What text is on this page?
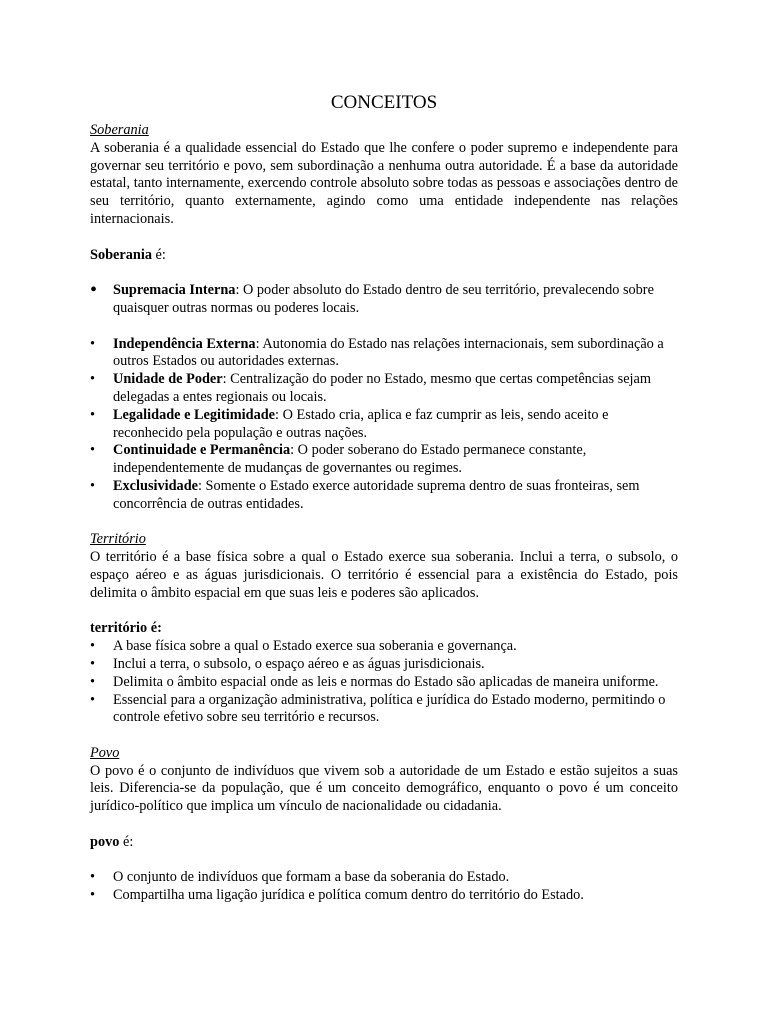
CONCEITOS
Soberania

A soberania é a qualidade essencial do Estado que lhe confere o poder supremo e independente para governar seu território e povo, sem subordinação a nenhuma outra autoridade. É a base da autoridade estatal, tanto internamente, exercendo controle absoluto sobre todas as pessoas e associações dentro de seu território, quanto externamente, agindo como uma entidade independente nas relações internacionais.

Soberania é:

• Supremacia Interna: O poder absoluto do Estado dentro de seu território, prevalecendo sobre quaisquer outras normas ou poderes locais.
• Independência Externa: Autonomia do Estado nas relações internacionais, sem subordinação a outros Estados ou autoridades externas.
• Unidade de Poder: Centralização do poder no Estado, mesmo que certas competências sejam delegadas a entes regionais ou locais.
• Legalidade e Legitimidade: O Estado cria, aplica e faz cumprir as leis, sendo aceito e reconhecido pela população e outras nações.
• Continuidade e Permanência: O poder soberano do Estado permanece constante, independentemente de mudanças de governantes ou regimes.
• Exclusividade: Somente o Estado exerce autoridade suprema dentro de suas fronteiras, sem concorrência de outras entidades.
Território

O território é a base física sobre a qual o Estado exerce sua soberania. Inclui a terra, o subsolo, o espaço aéreo e as águas jurisdicionais. O território é essencial para a existência do Estado, pois delimita o âmbito espacial em que suas leis e poderes são aplicados.

território é:

• A base física sobre a qual o Estado exerce sua soberania e governança.
• Inclui a terra, o subsolo, o espaço aéreo e as águas jurisdicionais.
• Delimita o âmbito espacial onde as leis e normas do Estado são aplicadas de maneira uniforme.
• Essencial para a organização administrativa, política e jurídica do Estado moderno, permitindo o controle efetivo sobre seu território e recursos.
Povo

O povo é o conjunto de indivíduos que vivem sob a autoridade de um Estado e estão sujeitos a suas leis. Diferencia-se da população, que é um conceito demográfico, enquanto o povo é um conceito jurídico-político que implica um vínculo de nacionalidade ou cidadania.

povo é:

• O conjunto de indivíduos que formam a base da soberania do Estado.
• Compartilha uma ligação jurídica e política comum dentro do território do Estado.
